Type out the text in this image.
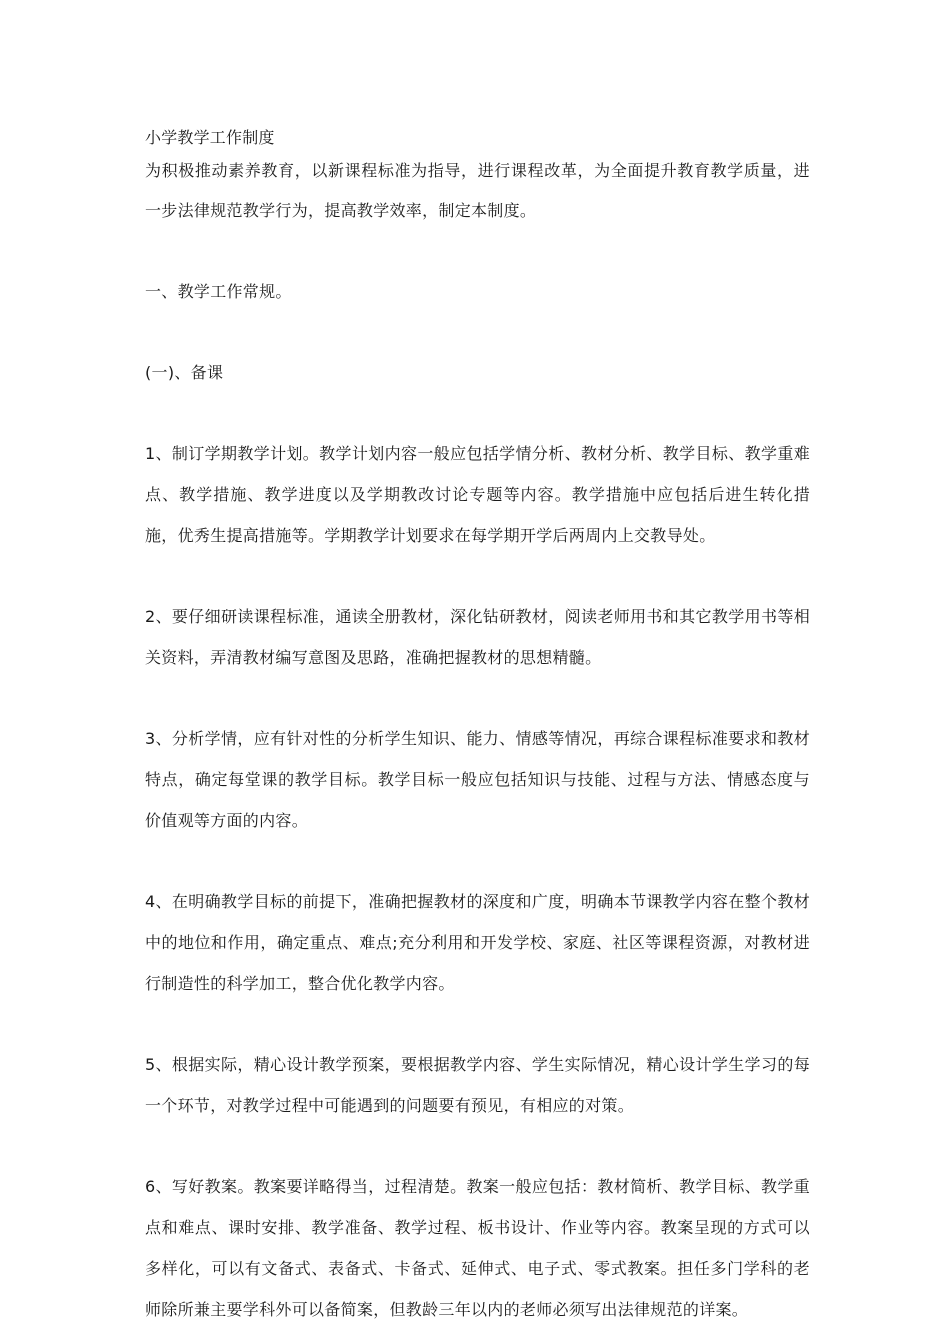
小学教学工作制度

为积极推动素养教育，以新课程标准为指导，进行课程改革，为全面提升教育教学质量，进一步法律规范教学行为，提高教学效率，制定本制度。

一、教学工作常规。

(一)、备课

1、制订学期教学计划。教学计划内容一般应包括学情分析、教材分析、教学目标、教学重难点、教学措施、教学进度以及学期教改讨论专题等内容。教学措施中应包括后进生转化措施，优秀生提高措施等。学期教学计划要求在每学期开学后两周内上交教导处。

2、要仔细研读课程标准，通读全册教材，深化钻研教材，阅读老师用书和其它教学用书等相关资料，弄清教材编写意图及思路，准确把握教材的思想精髓。

3、分析学情，应有针对性的分析学生知识、能力、情感等情况，再综合课程标准要求和教材特点，确定每堂课的教学目标。教学目标一般应包括知识与技能、过程与方法、情感态度与价值观等方面的内容。

4、在明确教学目标的前提下，准确把握教材的深度和广度，明确本节课教学内容在整个教材中的地位和作用，确定重点、难点;充分利用和开发学校、家庭、社区等课程资源，对教材进行制造性的科学加工，整合优化教学内容。

5、根据实际，精心设计教学预案，要根据教学内容、学生实际情况，精心设计学生学习的每一个环节，对教学过程中可能遇到的问题要有预见，有相应的对策。

6、写好教案。教案要详略得当，过程清楚。教案一般应包括：教材简析、教学目标、教学重点和难点、课时安排、教学准备、教学过程、板书设计、作业等内容。教案呈现的方式可以多样化，可以有文备式、表备式、卡备式、延伸式、电子式、零式教案。担任多门学科的老师除所兼主要学科外可以备简案，但教龄三年以内的老师必须写出法律规范的详案。
